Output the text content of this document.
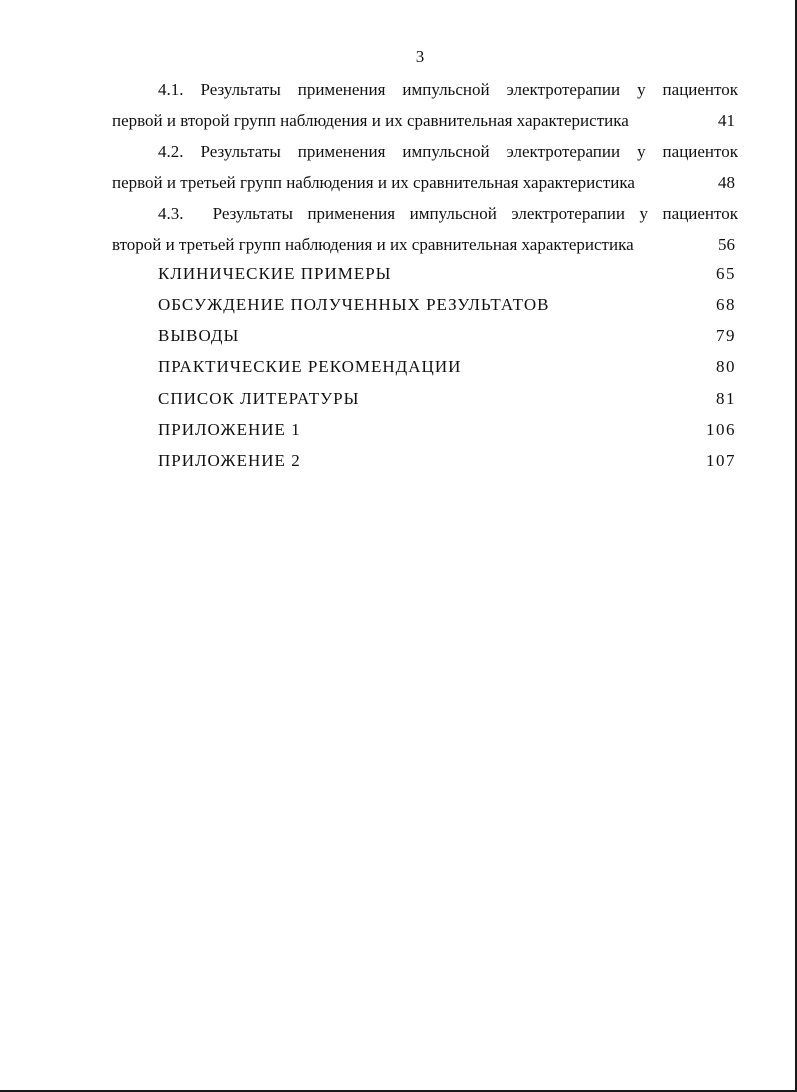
3
4.1. Результаты применения импульсной электротерапии у пациенток
первой и второй групп наблюдения и их сравнительная характеристика	41
4.2. Результаты применения импульсной электротерапии у пациенток
первой и третьей групп наблюдения и их сравнительная характеристика	48
4.3.  Результаты применения импульсной электротерапии у пациенток
второй и третьей групп наблюдения и их сравнительная характеристика	56
КЛИНИЧЕСКИЕ ПРИМЕРЫ	65
ОБСУЖДЕНИЕ ПОЛУЧЕННЫХ РЕЗУЛЬТАТОВ	68
ВЫВОДЫ	79
ПРАКТИЧЕСКИЕ РЕКОМЕНДАЦИИ	80
СПИСОК ЛИТЕРАТУРЫ	81
ПРИЛОЖЕНИЕ 1	106
ПРИЛОЖЕНИЕ 2	107
